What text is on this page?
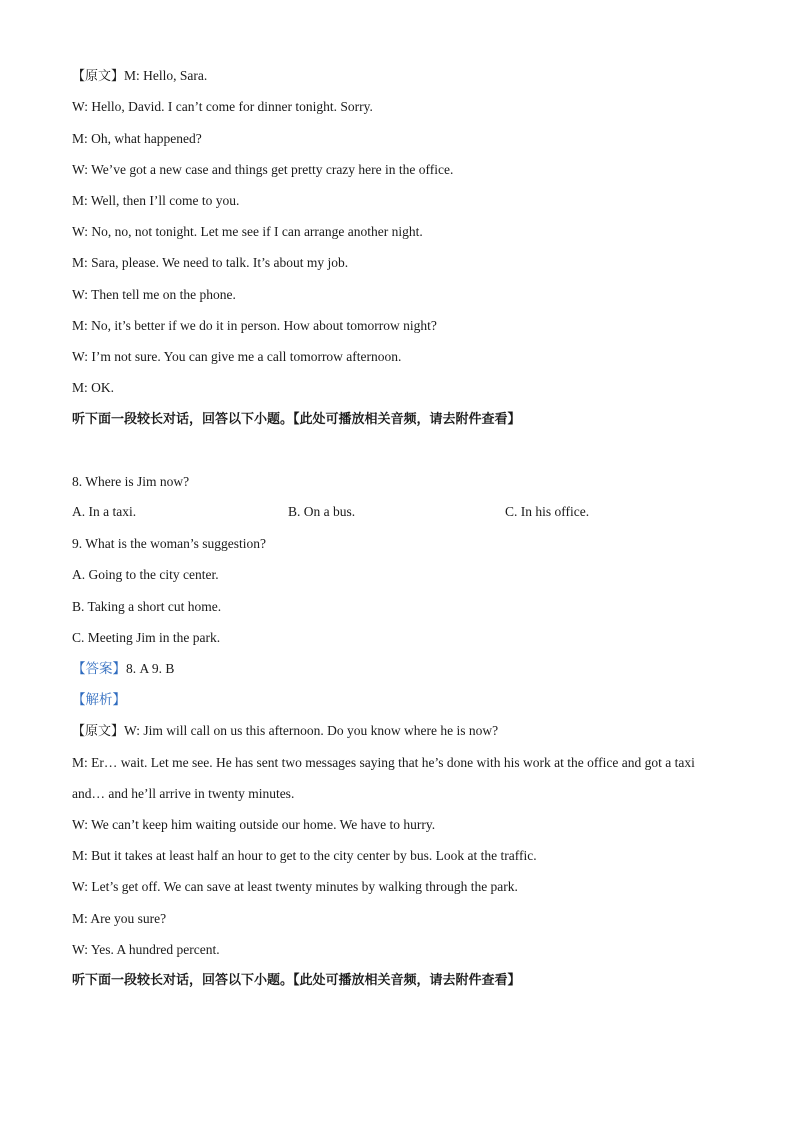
【原文】M: Hello, Sara.
W: Hello, David. I can’t come for dinner tonight. Sorry.
M: Oh, what happened?
W: We’ve got a new case and things get pretty crazy here in the office.
M: Well, then I’ll come to you.
W: No, no, not tonight. Let me see if I can arrange another night.
M: Sara, please. We need to talk. It’s about my job.
W: Then tell me on the phone.
M: No, it’s better if we do it in person. How about tomorrow night?
W: I’m not sure. You can give me a call tomorrow afternoon.
M: OK.
听下面一段较长对话，回答以下小题。【此处可播放相关音频，请去附件查看】
8. Where is Jim now?
A. In a taxi.	B. On a bus.	C. In his office.
9. What is the woman’s suggestion?
A. Going to the city center.
B. Taking a short cut home.
C. Meeting Jim in the park.
【答案】8. A 9. B
【解析】
【原文】W: Jim will call on us this afternoon. Do you know where he is now?
M: Er… wait. Let me see. He has sent two messages saying that he’s done with his work at the office and got a taxi and… and he’ll arrive in twenty minutes.
W: We can’t keep him waiting outside our home. We have to hurry.
M: But it takes at least half an hour to get to the city center by bus. Look at the traffic.
W: Let’s get off. We can save at least twenty minutes by walking through the park.
M: Are you sure?
W: Yes. A hundred percent.
听下面一段较长对话，回答以下小题。【此处可播放相关音频，请去附件查看】
